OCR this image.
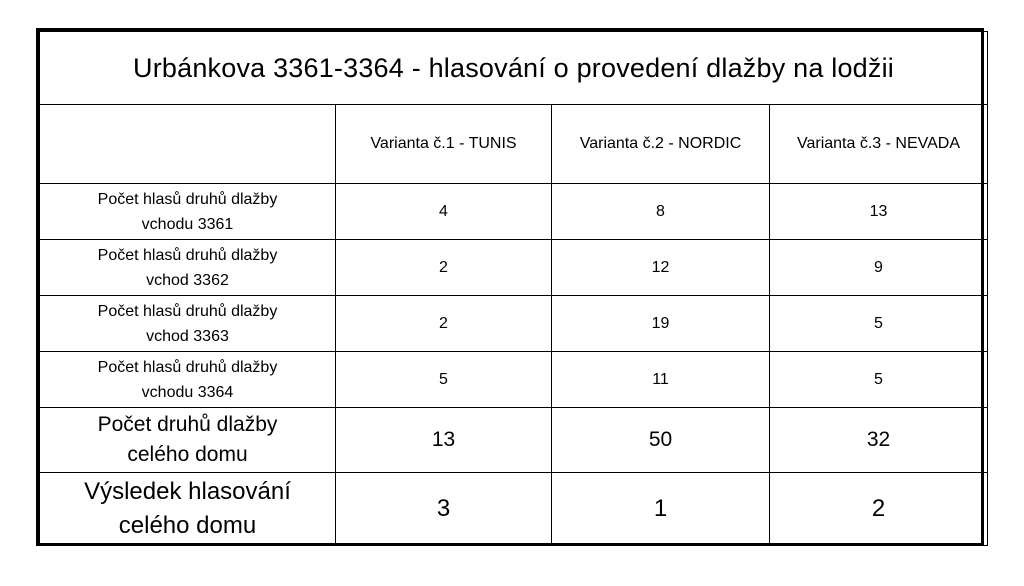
Urbánkova 3361-3364 - hlasování o provedení dlažby na lodžii			
	Varianta č.1 - TUNIS	Varianta č.2 - NORDIC	Varianta č.3 - NEVADA

Počet hlasů druhů dlažby
vchodu 3361	4	8	13

Počet hlasů druhů dlažby
vchod 3362	2	12	9

Počet hlasů druhů dlažby
vchod 3363	2	19	5

Počet hlasů druhů dlažby
vchodu 3364	5	11	5

Počet druhů dlažby
celého domu	13	50	32

Výsledek hlasování
celého domu	3	1	2
